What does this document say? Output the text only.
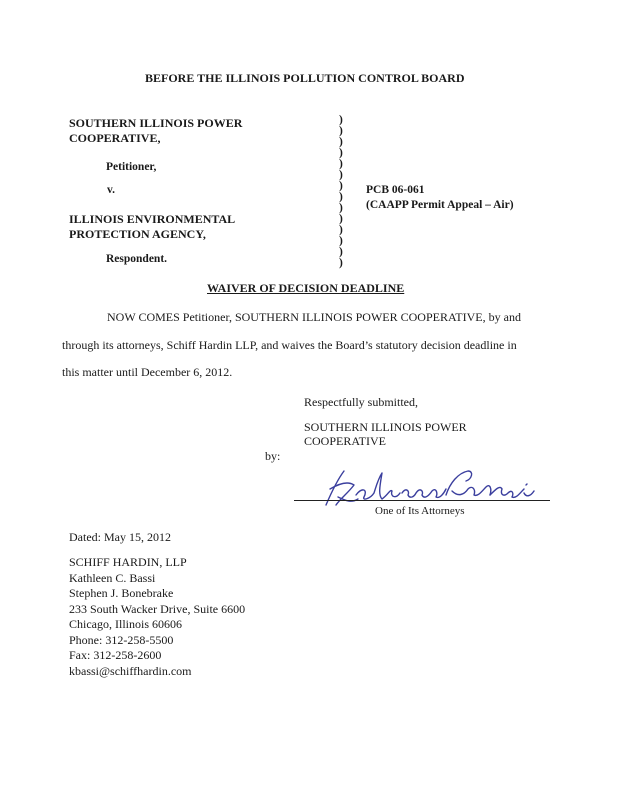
BEFORE THE ILLINOIS POLLUTION CONTROL BOARD
SOUTHERN ILLINOIS POWER
COOPERATIVE,
Petitioner,
v.
ILLINOIS ENVIRONMENTAL
PROTECTION AGENCY,
Respondent.
)
)
)
)
)
)
)
)
)
)
)
)
)
)
PCB 06-061
(CAAPP Permit Appeal – Air)
WAIVER OF DECISION DEADLINE
NOW COMES Petitioner, SOUTHERN ILLINOIS POWER COOPERATIVE, by and
through its attorneys, Schiff Hardin LLP, and waives the Board’s statutory decision deadline in
this matter until December 6, 2012.
Respectfully submitted,
SOUTHERN ILLINOIS POWER
COOPERATIVE
by:
One of Its Attorneys
Dated: May 15, 2012
SCHIFF HARDIN, LLP
Kathleen C. Bassi
Stephen J. Bonebrake
233 South Wacker Drive, Suite 6600
Chicago, Illinois 60606
Phone: 312-258-5500
Fax: 312-258-2600
kbassi@schiffhardin.com
